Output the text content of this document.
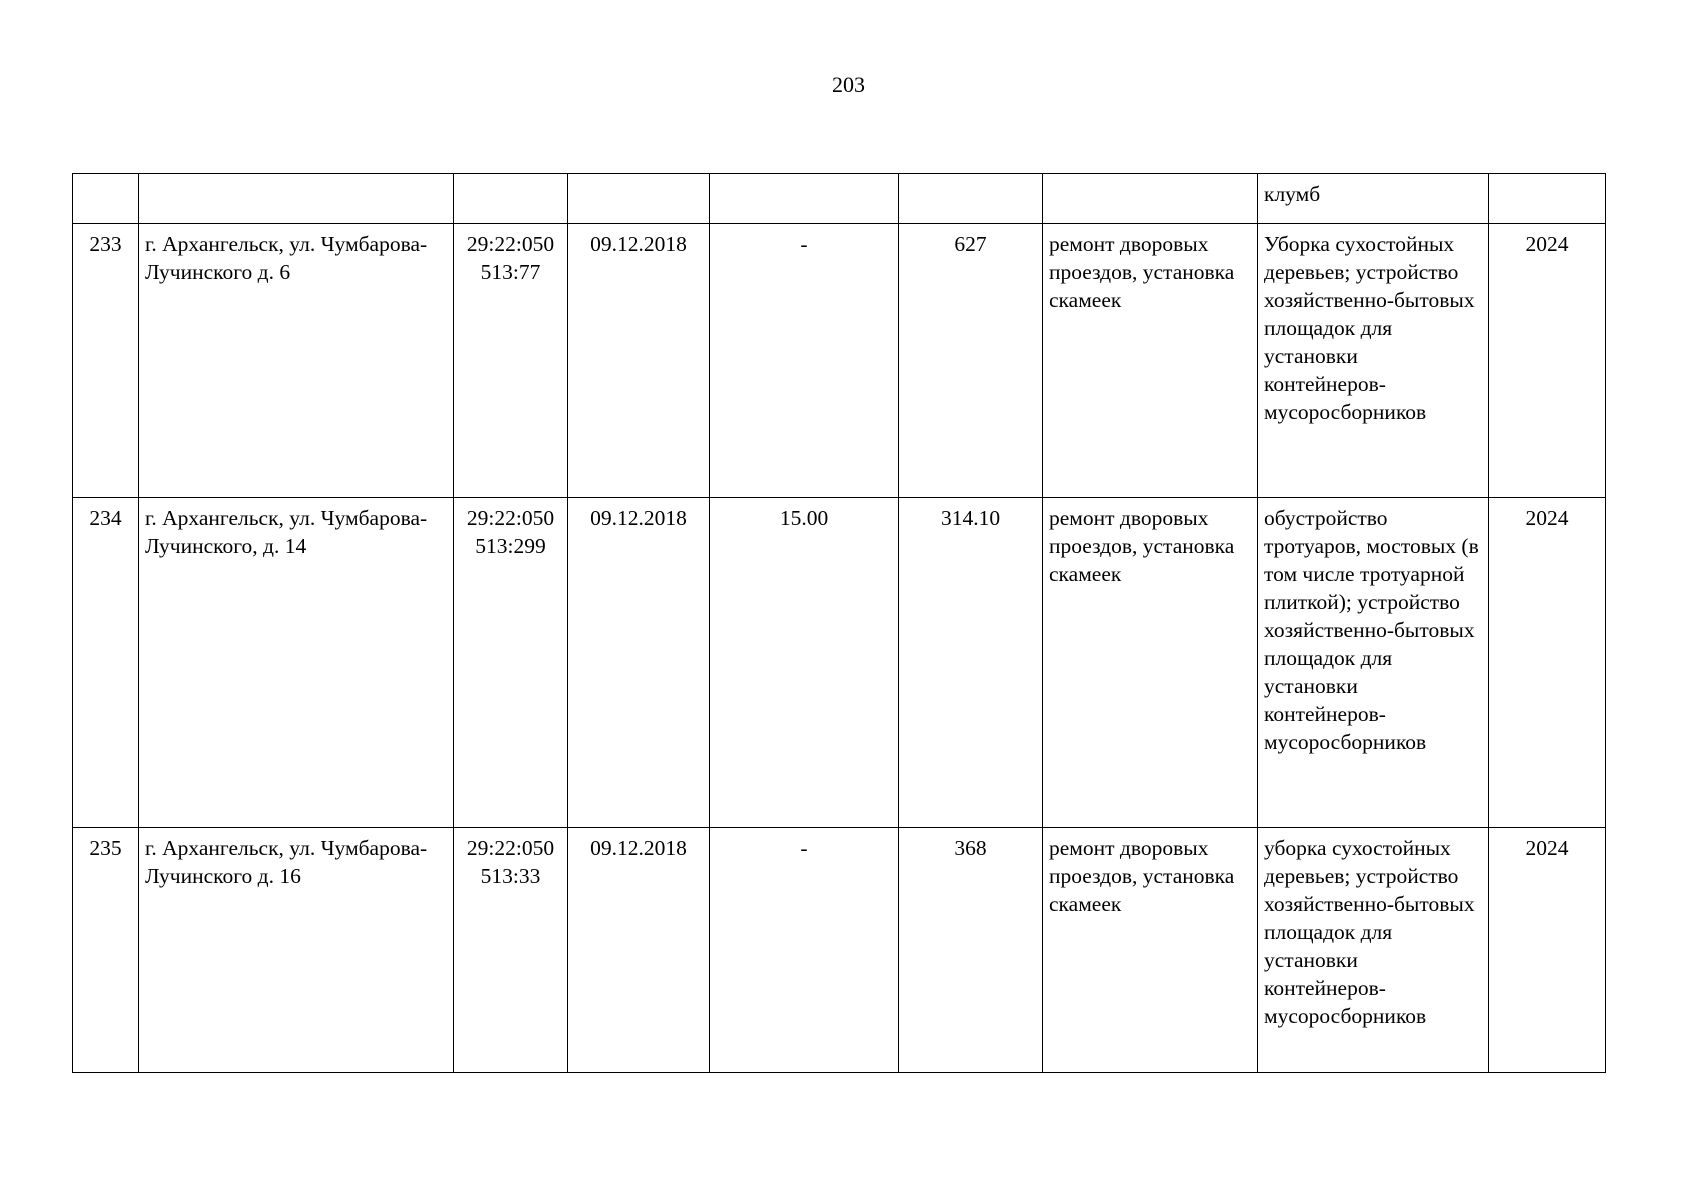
203
							клумб	
233	г. Архангельск, ул. Чумбарова-Лучинского д. 6	29:22:050
513:77	09.12.2018	-	627	ремонт дворовых проездов, установка скамеек	Уборка сухостойных деревьев; устройство хозяйственно-бытовых площадок для установки контейнеров-мусоросборников	2024
234	г. Архангельск, ул. Чумбарова-Лучинского, д. 14	29:22:050
513:299	09.12.2018	15.00	314.10	ремонт дворовых проездов, установка скамеек	обустройство тротуаров, мостовых (в том числе тротуарной плиткой); устройство хозяйственно-бытовых площадок для установки контейнеров-мусоросборников	2024
235	г. Архангельск, ул. Чумбарова-Лучинского д. 16	29:22:050
513:33	09.12.2018	-	368	ремонт дворовых проездов, установка скамеек	уборка сухостойных деревьев; устройство хозяйственно-бытовых площадок для установки контейнеров-мусоросборников	2024
